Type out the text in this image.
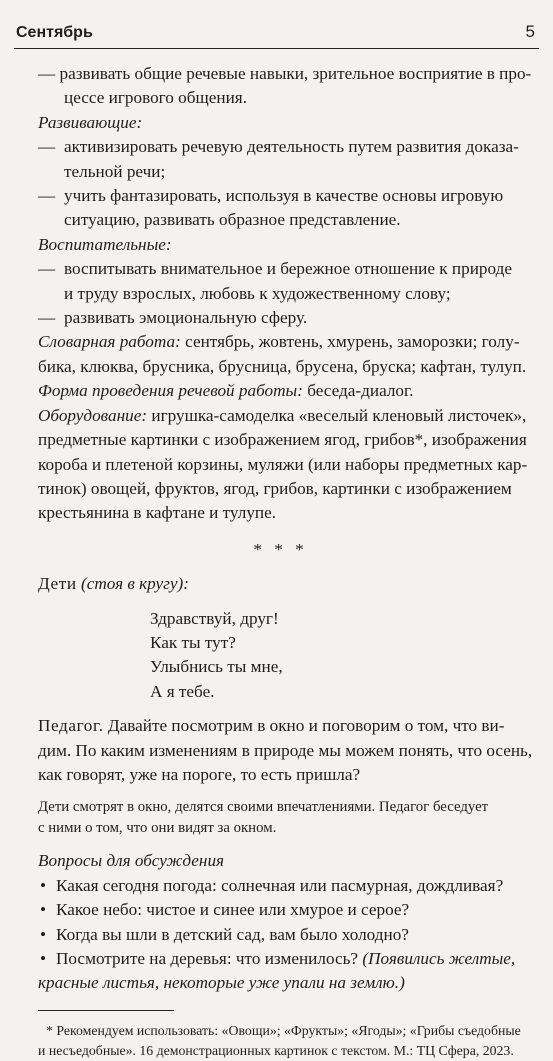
Сентябрь	5
— развивать общие речевые навыки, зрительное восприятие в про-
цессе игрового общения.
Развивающие:
— активизировать речевую деятельность путем развития доказа-
тельной речи;
— учить фантазировать, используя в качестве основы игровую
ситуацию, развивать образное представление.
Воспитательные:
— воспитывать внимательное и бережное отношение к природе
и труду взрослых, любовь к художественному слову;
— развивать эмоциональную сферу.
Словарная работа: сентябрь, жовтень, хмурень, заморозки; голу-
бика, клюква, брусника, брусница, брусена, бруска; кафтан, тулуп.
Форма проведения речевой работы: беседа-диалог.
Оборудование: игрушка-самоделка «веселый кленовый листочек»,
предметные картинки с изображением ягод, грибов*, изображения
короба и плетеной корзины, муляжи (или наборы предметных кар-
тинок) овощей, фруктов, ягод, грибов, картинки с изображением
крестьянина в кафтане и тулупе.
* * *
Дети (стоя в кругу):
Здравствуй, друг!
Как ты тут?
Улыбнись ты мне,
А я тебе.
Педагог. Давайте посмотрим в окно и поговорим о том, что ви-
дим. По каким изменениям в природе мы можем понять, что осень,
как говорят, уже на пороге, то есть пришла?
Дети смотрят в окно, делятся своими впечатлениями. Педагог беседует
с ними о том, что они видят за окном.
Вопросы для обсуждения
• Какая сегодня погода: солнечная или пасмурная, дождливая?
• Какое небо: чистое и синее или хмурое и серое?
• Когда вы шли в детский сад, вам было холодно?
• Посмотрите на деревья: что изменилось? (Появились желтые,
красные листья, некоторые уже упали на землю.)
* Рекомендуем использовать: «Овощи»; «Фрукты»; «Ягоды»; «Грибы съедобные
и несъедобные». 16 демонстрационных картинок с текстом. М.: ТЦ Сфера, 2023.
